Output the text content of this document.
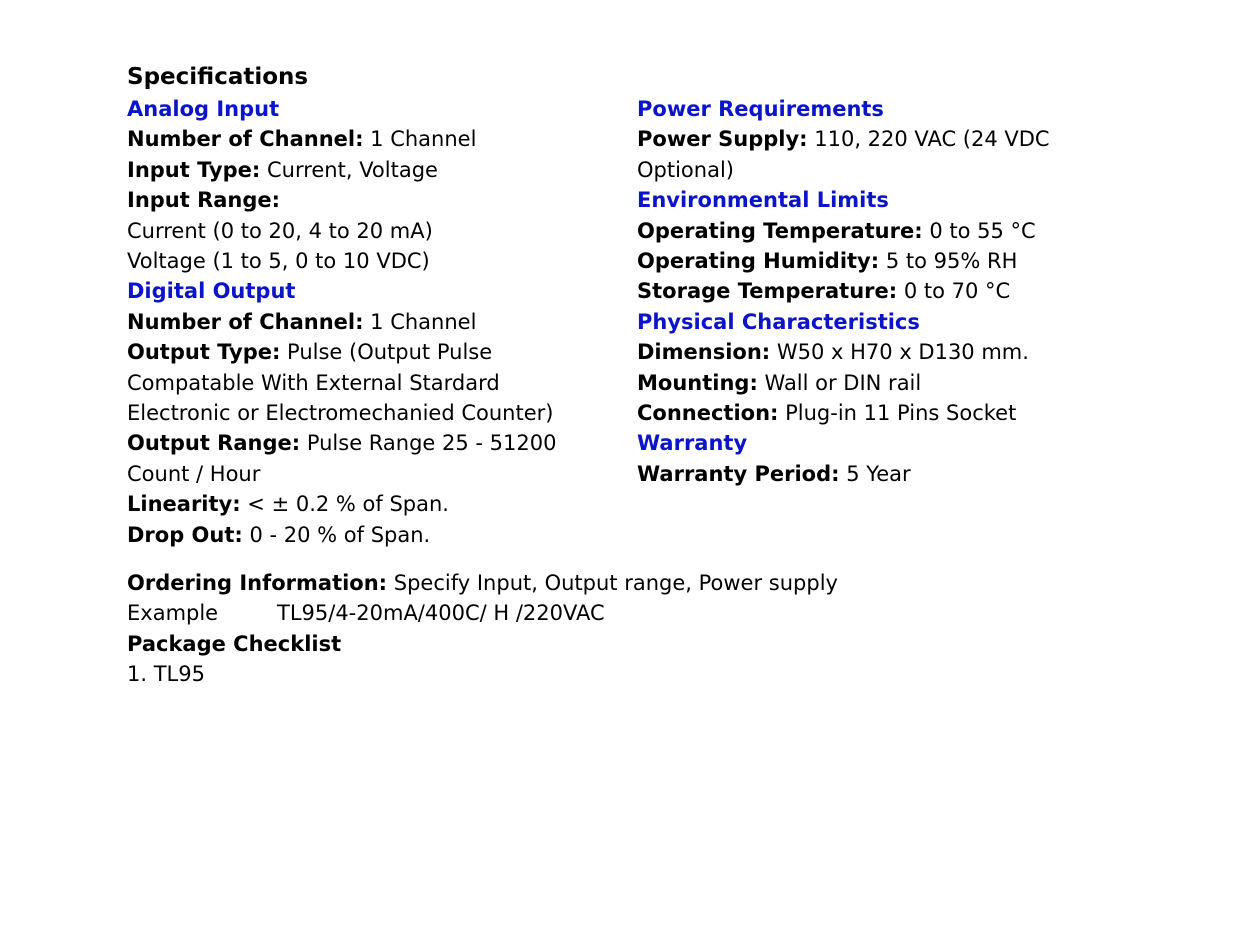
Specifications
Analog Input
Number of Channel: 1 Channel
Input Type: Current, Voltage
Input Range:
Current (0 to 20, 4 to 20 mA)
Voltage (1 to 5, 0 to 10 VDC)
Digital Output
Number of Channel: 1 Channel
Output Type: Pulse (Output Pulse
Compatable With External Stardard
Electronic or Electromechanied Counter)
Output Range: Pulse Range 25 - 51200
Count / Hour
Linearity: < ± 0.2 % of Span.
Drop Out: 0 - 20 % of Span.
Power Requirements
Power Supply: 110, 220 VAC (24 VDC
Optional)
Environmental Limits
Operating Temperature: 0 to 55 °C
Operating Humidity: 5 to 95% RH
Storage Temperature: 0 to 70 °C
Physical Characteristics
Dimension: W50 x H70 x D130 mm.
Mounting: Wall or DIN rail
Connection: Plug-in 11 Pins Socket
Warranty
Warranty Period: 5 Year
Ordering Information: Specify Input, Output range, Power supply
Example	TL95/4-20mA/400C/ H /220VAC
Package Checklist
1. TL95
